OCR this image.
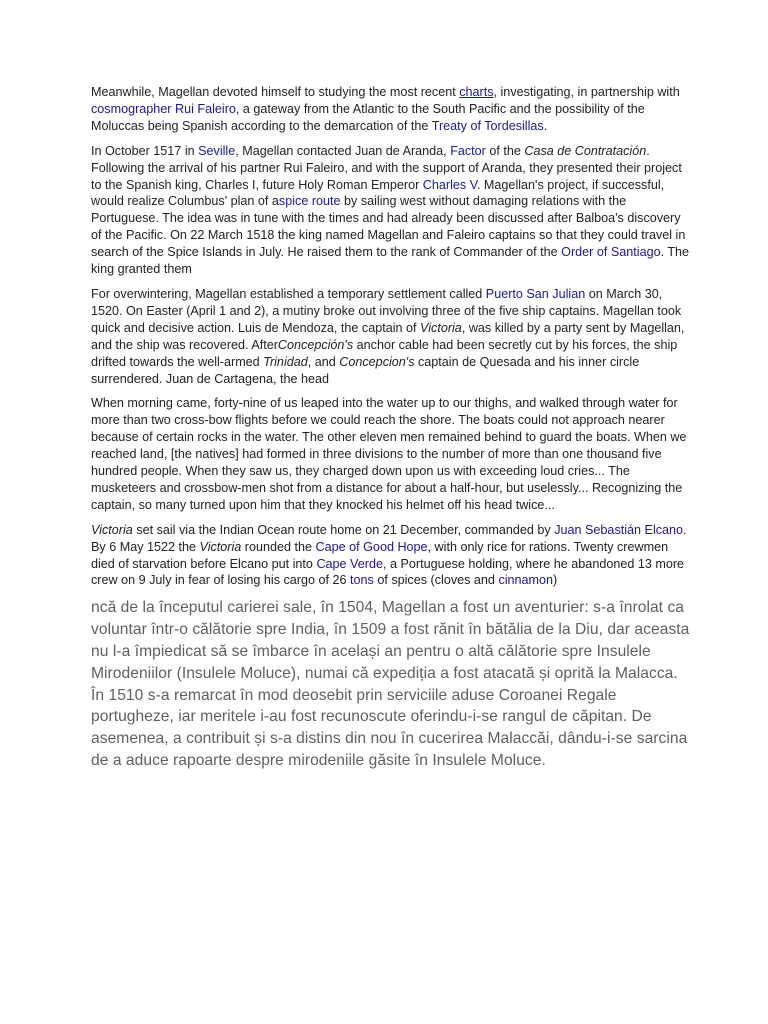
Meanwhile, Magellan devoted himself to studying the most recent charts, investigating, in partnership with cosmographer Rui Faleiro, a gateway from the Atlantic to the South Pacific and the possibility of the Moluccas being Spanish according to the demarcation of the Treaty of Tordesillas.

In October 1517 in Seville, Magellan contacted Juan de Aranda, Factor of the Casa de Contratación. Following the arrival of his partner Rui Faleiro, and with the support of Aranda, they presented their project to the Spanish king, Charles I, future Holy Roman Emperor Charles V. Magellan's project, if successful, would realize Columbus' plan of aspice route by sailing west without damaging relations with the Portuguese. The idea was in tune with the times and had already been discussed after Balboa's discovery of the Pacific. On 22 March 1518 the king named Magellan and Faleiro captains so that they could travel in search of the Spice Islands in July. He raised them to the rank of Commander of the Order of Santiago. The king granted them

For overwintering, Magellan established a temporary settlement called Puerto San Julian on March 30, 1520. On Easter (April 1 and 2), a mutiny broke out involving three of the five ship captains. Magellan took quick and decisive action. Luis de Mendoza, the captain of Victoria, was killed by a party sent by Magellan, and the ship was recovered. AfterConcepción's anchor cable had been secretly cut by his forces, the ship drifted towards the well-armed Trinidad, and Concepcion's captain de Quesada and his inner circle surrendered. Juan de Cartagena, the head

When morning came, forty-nine of us leaped into the water up to our thighs, and walked through water for more than two cross-bow flights before we could reach the shore. The boats could not approach nearer because of certain rocks in the water. The other eleven men remained behind to guard the boats. When we reached land, [the natives] had formed in three divisions to the number of more than one thousand five hundred people. When they saw us, they charged down upon us with exceeding loud cries... The musketeers and crossbow-men shot from a distance for about a half-hour, but uselessly... Recognizing the captain, so many turned upon him that they knocked his helmet off his head twice...

Victoria set sail via the Indian Ocean route home on 21 December, commanded by Juan Sebastián Elcano. By 6 May 1522 the Victoria rounded the Cape of Good Hope, with only rice for rations. Twenty crewmen died of starvation before Elcano put into Cape Verde, a Portuguese holding, where he abandoned 13 more crew on 9 July in fear of losing his cargo of 26 tons of spices (cloves and cinnamon)

ncă de la începutul carierei sale, în 1504, Magellan a fost un aventurier: s-a înrolat ca voluntar într-o călătorie spre India, în 1509 a fost rănit în bătălia de la Diu, dar aceasta nu l-a împiedicat să se îmbarce în același an pentru o altă călătorie spre Insulele Mirodeniilor (Insulele Moluce), numai că expediția a fost atacată și oprită la Malacca. În 1510 s-a remarcat în mod deosebit prin serviciile aduse Coroanei Regale portugheze, iar meritele i-au fost recunoscute oferindu-i-se rangul de căpitan. De asemenea, a contribuit și s-a distins din nou în cucerirea Malaccăi, dându-i-se sarcina de a aduce rapoarte despre mirodeniile găsite în Insulele Moluce.
